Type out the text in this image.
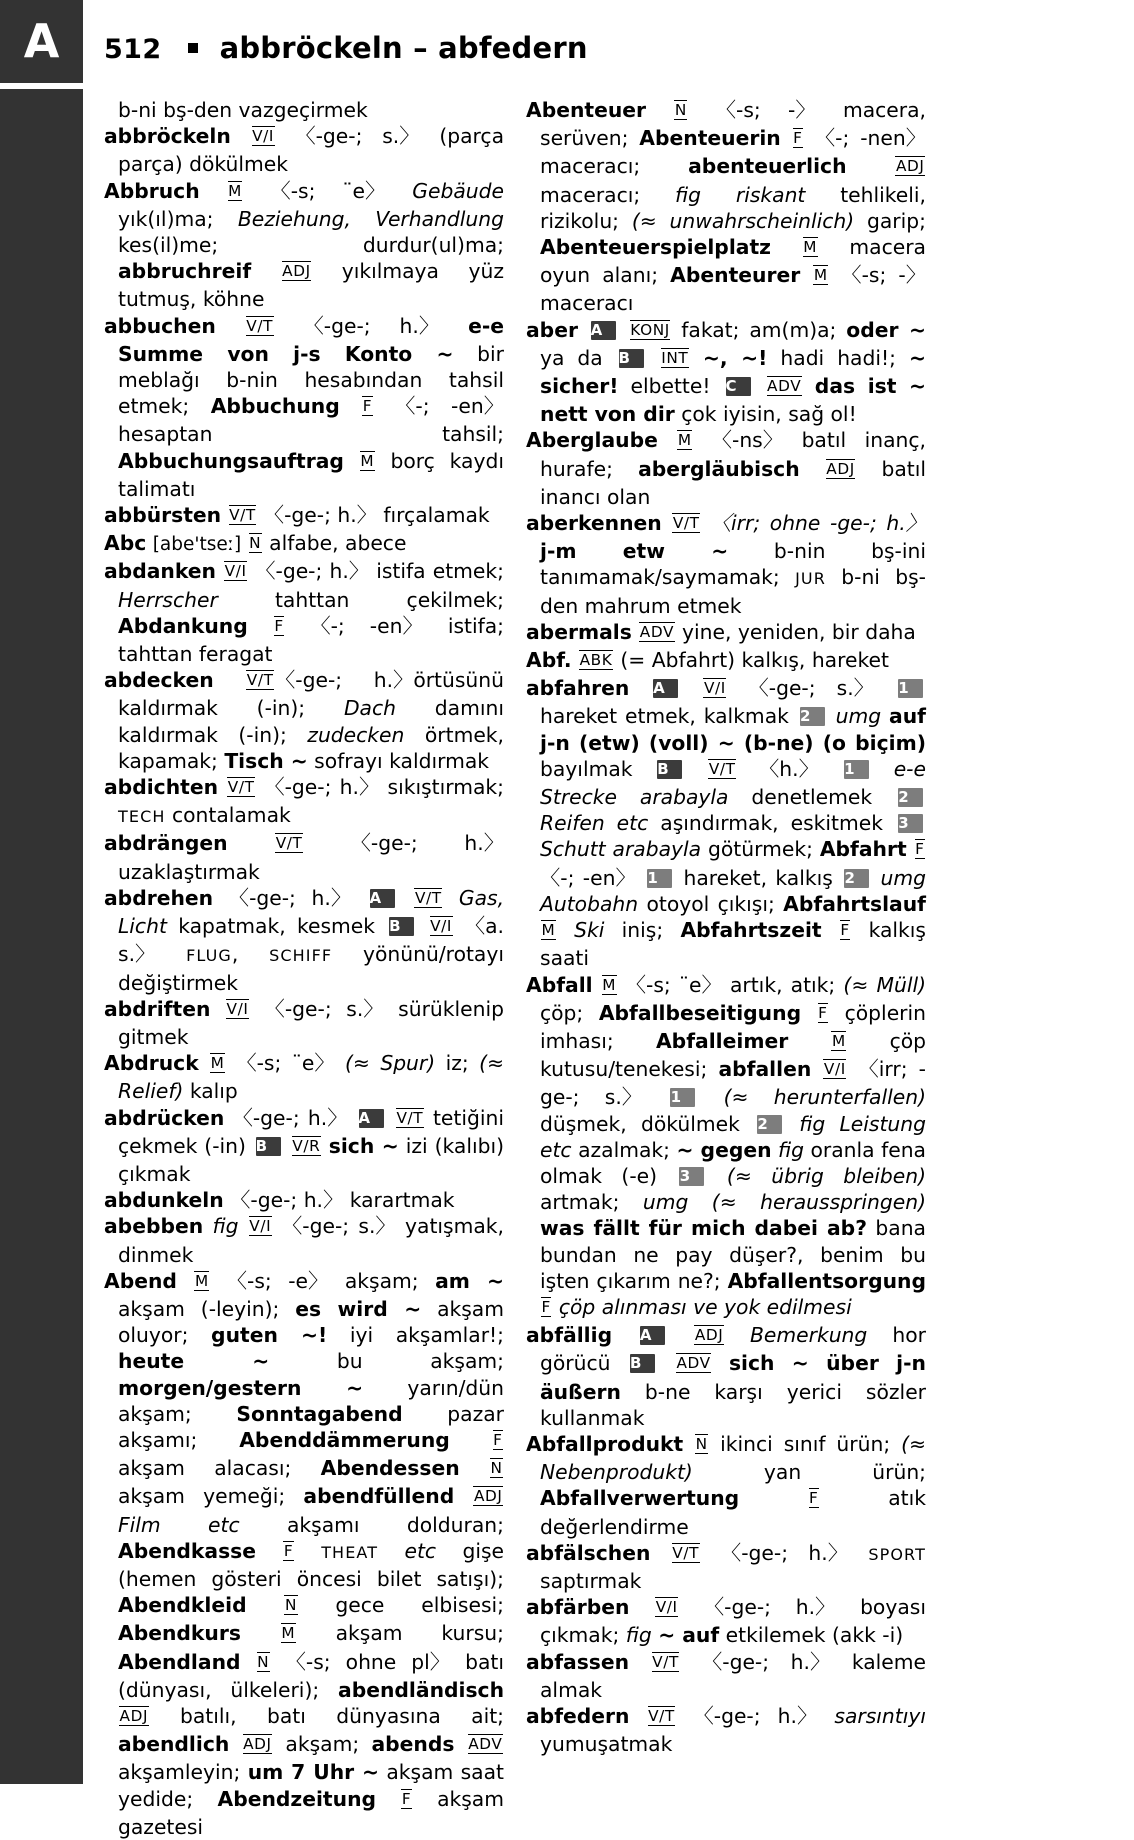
A	512 abbröckeln – abfedern

b-ni bş-den vazgeçirmek

abbröckeln V/I 〈-ge-; s.〉 (parça parça) dökülmek

Abbruch M 〈-s; ¨e〉 Gebäude yık(ıl)ma; Beziehung, Verhandlung kes(il)me; durdur(ul)ma; abbruchreif ADJ yıkılmaya yüz tutmuş, köhne

abbuchen V/T 〈-ge-; h.〉 e-e Summe von j-s Konto ~ bir meblağı b-nin hesabından tahsil etmek; Abbuchung F 〈-; -en〉 hesaptan tahsil; Abbuchungsauftrag M borç kaydı talimatı

abbürsten V/T 〈-ge-; h.〉 fırçalamak

Abc [abe'tseː] N alfabe, abece

abdanken V/I 〈-ge-; h.〉 istifa etmek; Herrscher	tahttan çekilmek; Abdankung F 〈-; -en〉 istifa; tahttan feragat

abdecken V/T〈-ge-; h.〉örtüsünü kaldırmak (-in); Dach damını kaldırmak (-in); zudecken örtmek, kapamak; Tisch ~ sofrayı kaldırmak

abdichten V/T 〈-ge-; h.〉 sıkıştırmak; TECH contalamak

abdrängen	V/T 〈-ge-; h.〉 uzaklaştırmak

abdrehen 〈-ge-; h.〉 A V/T Gas, Licht kapatmak, kesmek B V/I 〈a. s.〉 FLUG, SCHIFF yönünü/rotayı değiştirmek

abdriften V/I 〈-ge-; s.〉 sürüklenip gitmek

Abdruck M 〈-s; ¨e〉 (≈ Spur) iz; (≈ Relief) kalıp

abdrücken 〈-ge-; h.〉 A V/T tetiğini çekmek (-in) B V/R sich ~ izi (kalıbı) çıkmak

abdunkeln 〈-ge-; h.〉 karartmak

abebben fig V/I 〈-ge-; s.〉 yatışmak, dinmek

Abend M 〈-s; -e〉 akşam; am ~ akşam (-leyin); es wird ~ akşam oluyor; guten ~! iyi akşamlar!; heute ~	bu akşam; morgen/gestern ~ yarın/dün akşam; Sonntagabend pazar akşamı; Abenddämmerung	F akşam alacası; Abendessen N akşam yemeği; abendfüllend ADJ Film etc akşamı dolduran; Abendkasse F THEAT etc gişe (hemen gösteri öncesi bilet satışı); Abendkleid	N gece elbisesi; Abendkurs	M akşam kursu; Abendland N 〈-s; ohne pl〉 batı (dünyası, ülkeleri); abendländisch ADJ batılı, batı dünyasına ait; abendlich ADJ akşam; abends ADV akşamleyin; um 7 Uhr ~ akşam saat yedide; Abendzeitung F akşam gazetesi

Abenteuer N 〈-s; -〉 macera, serüven; Abenteuerin F 〈-; -nen〉 maceracı; abenteuerlich	ADJ maceracı; fig riskant tehlikeli, rizikolu; (≈ unwahrscheinlich) garip; Abenteuerspielplatz M macera oyun alanı; Abenteurer M 〈-s; -〉 maceracı

aber A KONJ fakat; am(m)a; oder ~ ya da B INT ~, ~! hadi hadi!; ~ sicher! elbette! C ADV das ist ~ nett von dir çok iyisin, sağ ol!

Aberglaube M 〈-ns〉 batıl inanç, hurafe; abergläubisch ADJ batıl inancı olan

aberkennen V/T 〈irr; ohne -ge-; h.〉 j-m etw ~ b-nin bş-ini tanımamak/saymamak; JUR b-ni bş-den mahrum etmek

abermals ADV yine, yeniden, bir daha

Abf. ABK (= Abfahrt) kalkış, hareket

abfahren A	V/I 〈-ge-; s.〉 1 hareket etmek, kalkmak 2 umg auf j-n (etw) (voll) ~ (b-ne) (o biçim) bayılmak B	V/T 〈h.〉 1 e-e Strecke arabayla denetlemek 2 Reifen etc aşındırmak, eskitmek 3 Schutt arabayla götürmek; Abfahrt F 〈-; -en〉 1 hareket, kalkış 2 umg Autobahn otoyol çıkışı; Abfahrtslauf M Ski iniş; Abfahrtszeit F kalkış saati

Abfall M 〈-s; ¨e〉 artık, atık; (≈ Müll) çöp; Abfallbeseitigung F çöplerin imhası; Abfalleimer	M çöp kutusu/tenekesi; abfallen V/I 〈irr; -ge-; s.〉 1 (≈ herunterfallen) düşmek, dökülmek 2 fig Leistung etc azalmak; ~ gegen fig oranla fena olmak (-e) 3 (≈ übrig bleiben) artmak; umg (≈ herausspringen) was fällt für mich dabei ab? bana bundan ne pay düşer?, benim bu işten çıkarım ne?; Abfallentsorgung F çöp alınması ve yok edilmesi

abfällig A	ADJ Bemerkung hor görücü B ADV sich ~ über j-n äußern b-ne karşı yerici sözler kullanmak

Abfallprodukt N ikinci sınıf ürün; (≈ Nebenprodukt)	yan ürün; Abfallverwertung	F	atık değerlendirme

abfälschen V/T 〈-ge-; h.〉 SPORT saptırmak

abfärben V/I 〈-ge-; h.〉 boyası çıkmak; fig ~ auf etkilemek (akk -i)

abfassen V/T 〈-ge-; h.〉 kaleme almak

abfedern V/T 〈-ge-; h.〉 sarsıntıyı yumuşatmak
